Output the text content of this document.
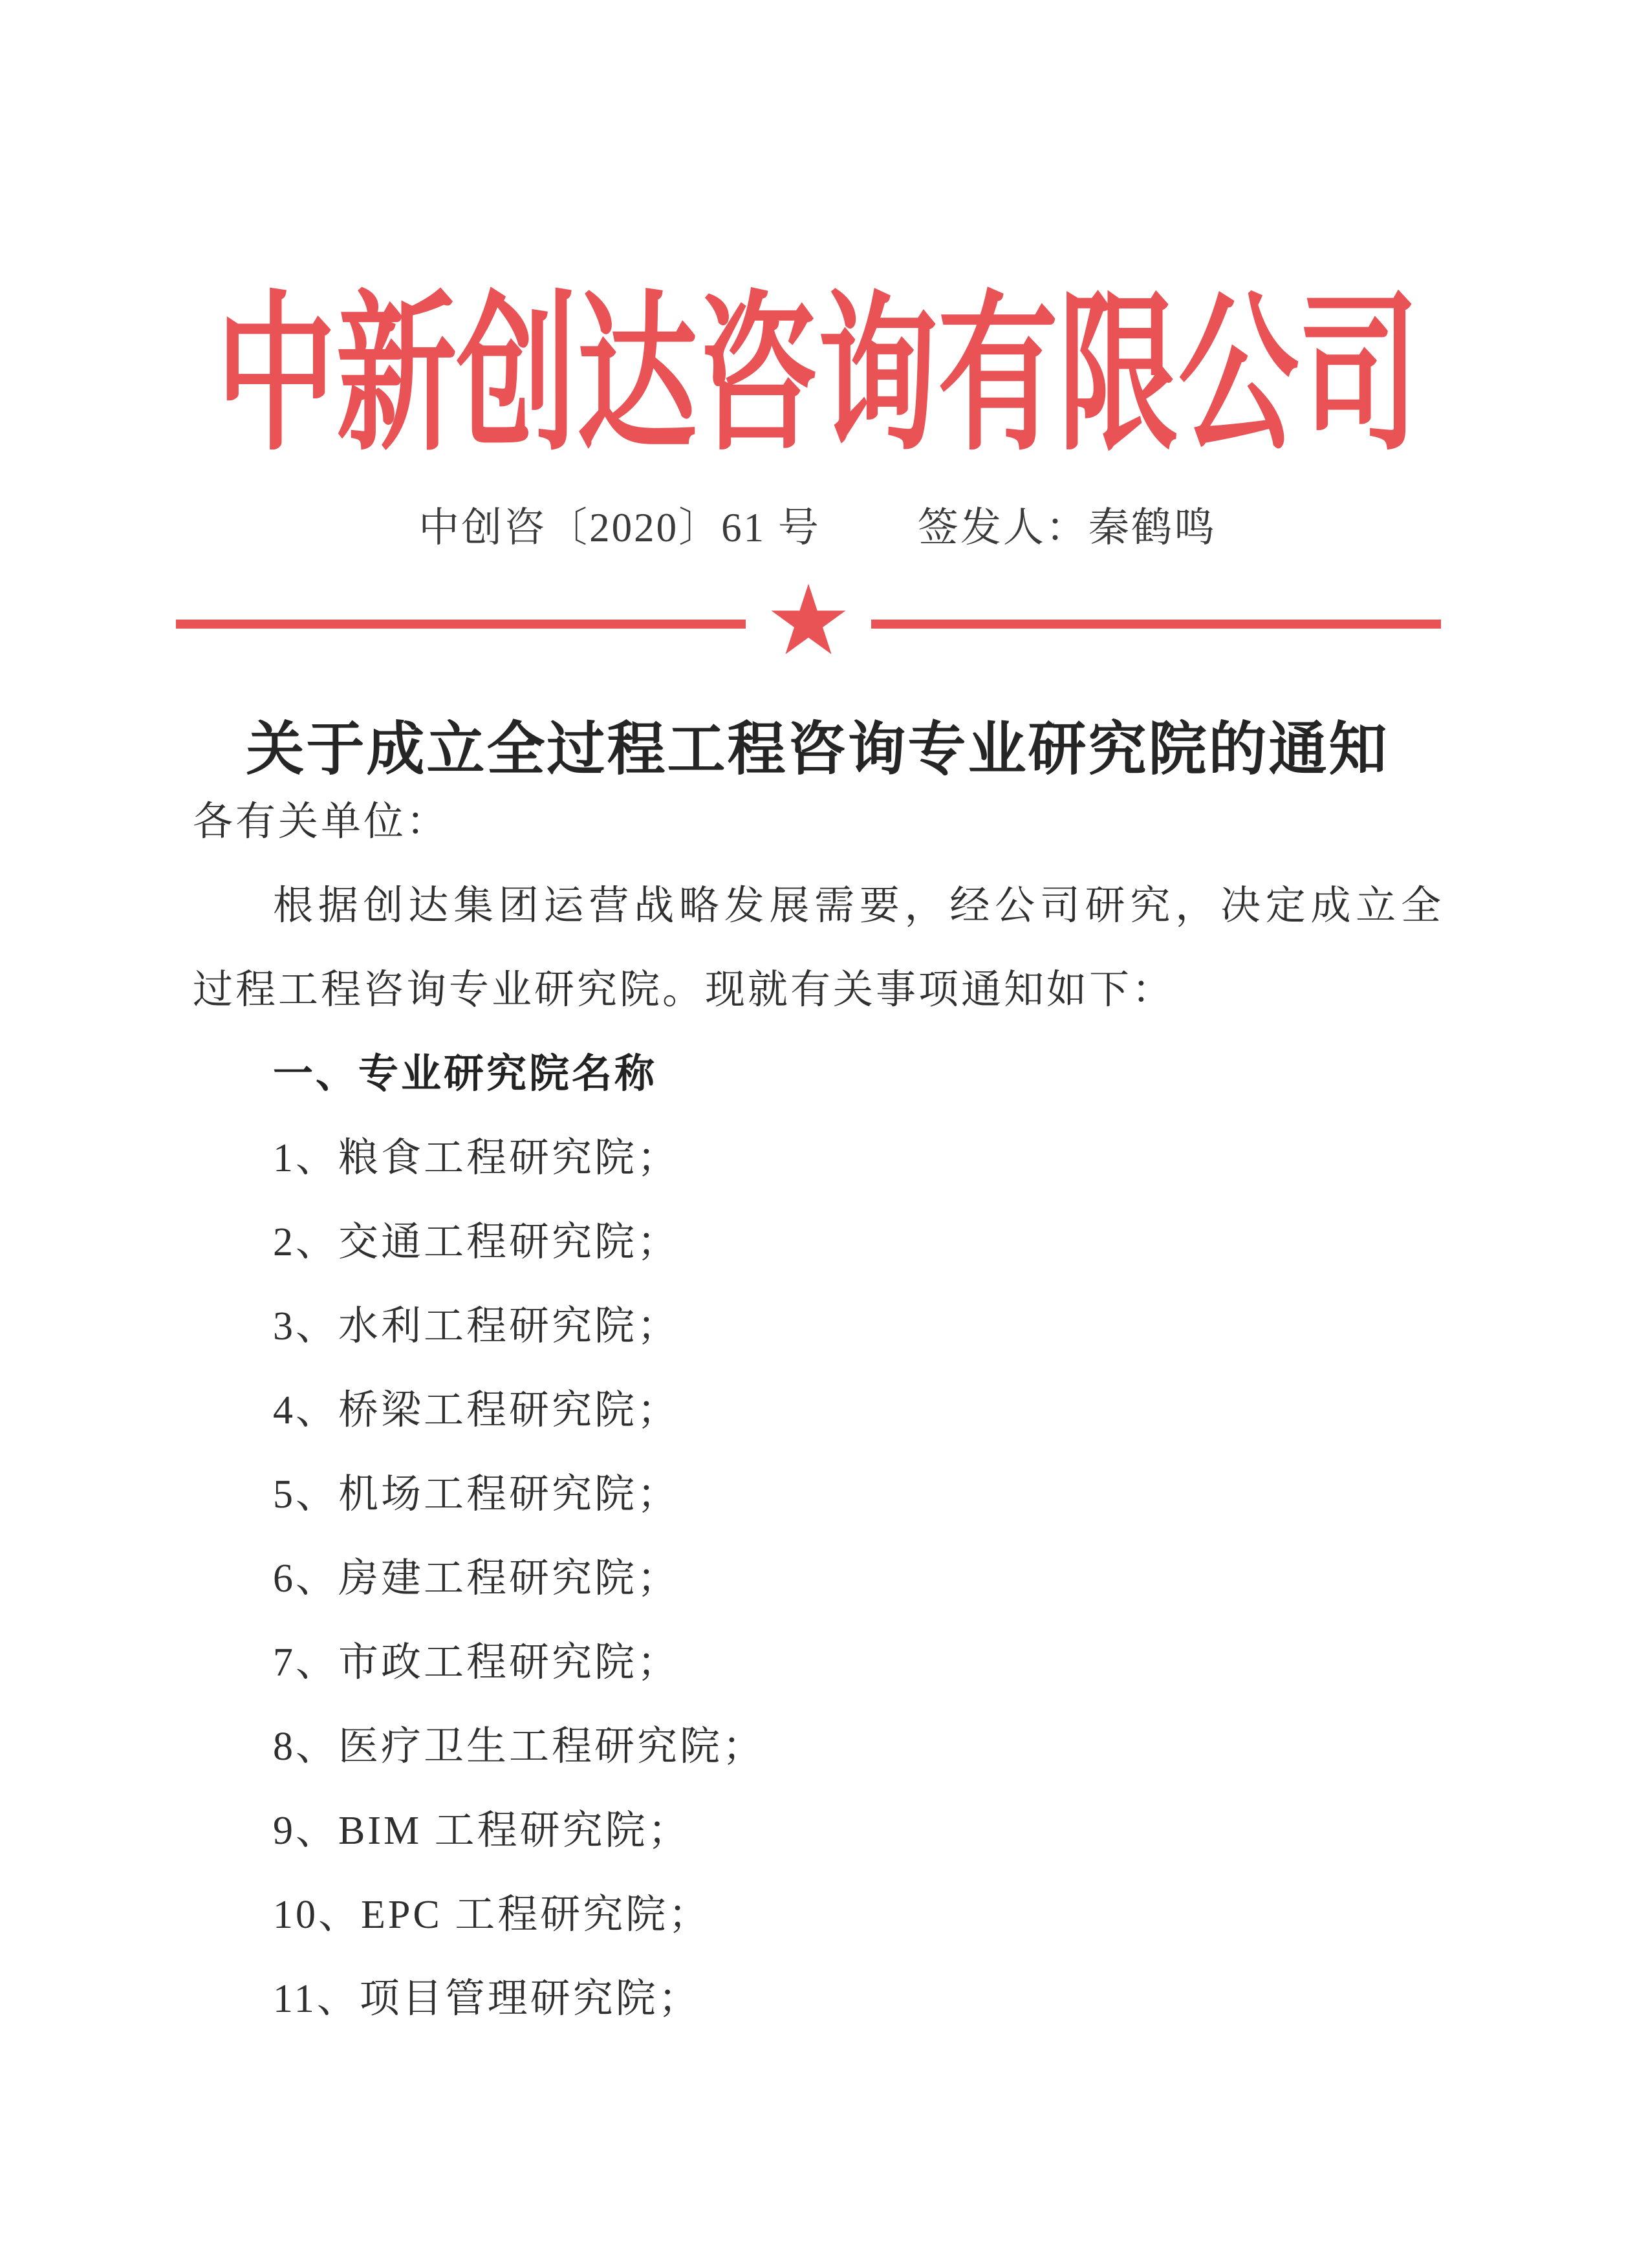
中新创达咨询有限公司
中创咨〔2020〕61 号 签发人：秦鹤鸣
★
关于成立全过程工程咨询专业研究院的通知
各有关单位：
根据创达集团运营战略发展需要，经公司研究，决定成立全
过程工程咨询专业研究院。现就有关事项通知如下：
一、专业研究院名称
1、粮食工程研究院；
2、交通工程研究院；
3、水利工程研究院；
4、桥梁工程研究院；
5、机场工程研究院；
6、房建工程研究院；
7、市政工程研究院；
8、医疗卫生工程研究院；
9、BIM 工程研究院；
10、EPC 工程研究院；
11、项目管理研究院；
